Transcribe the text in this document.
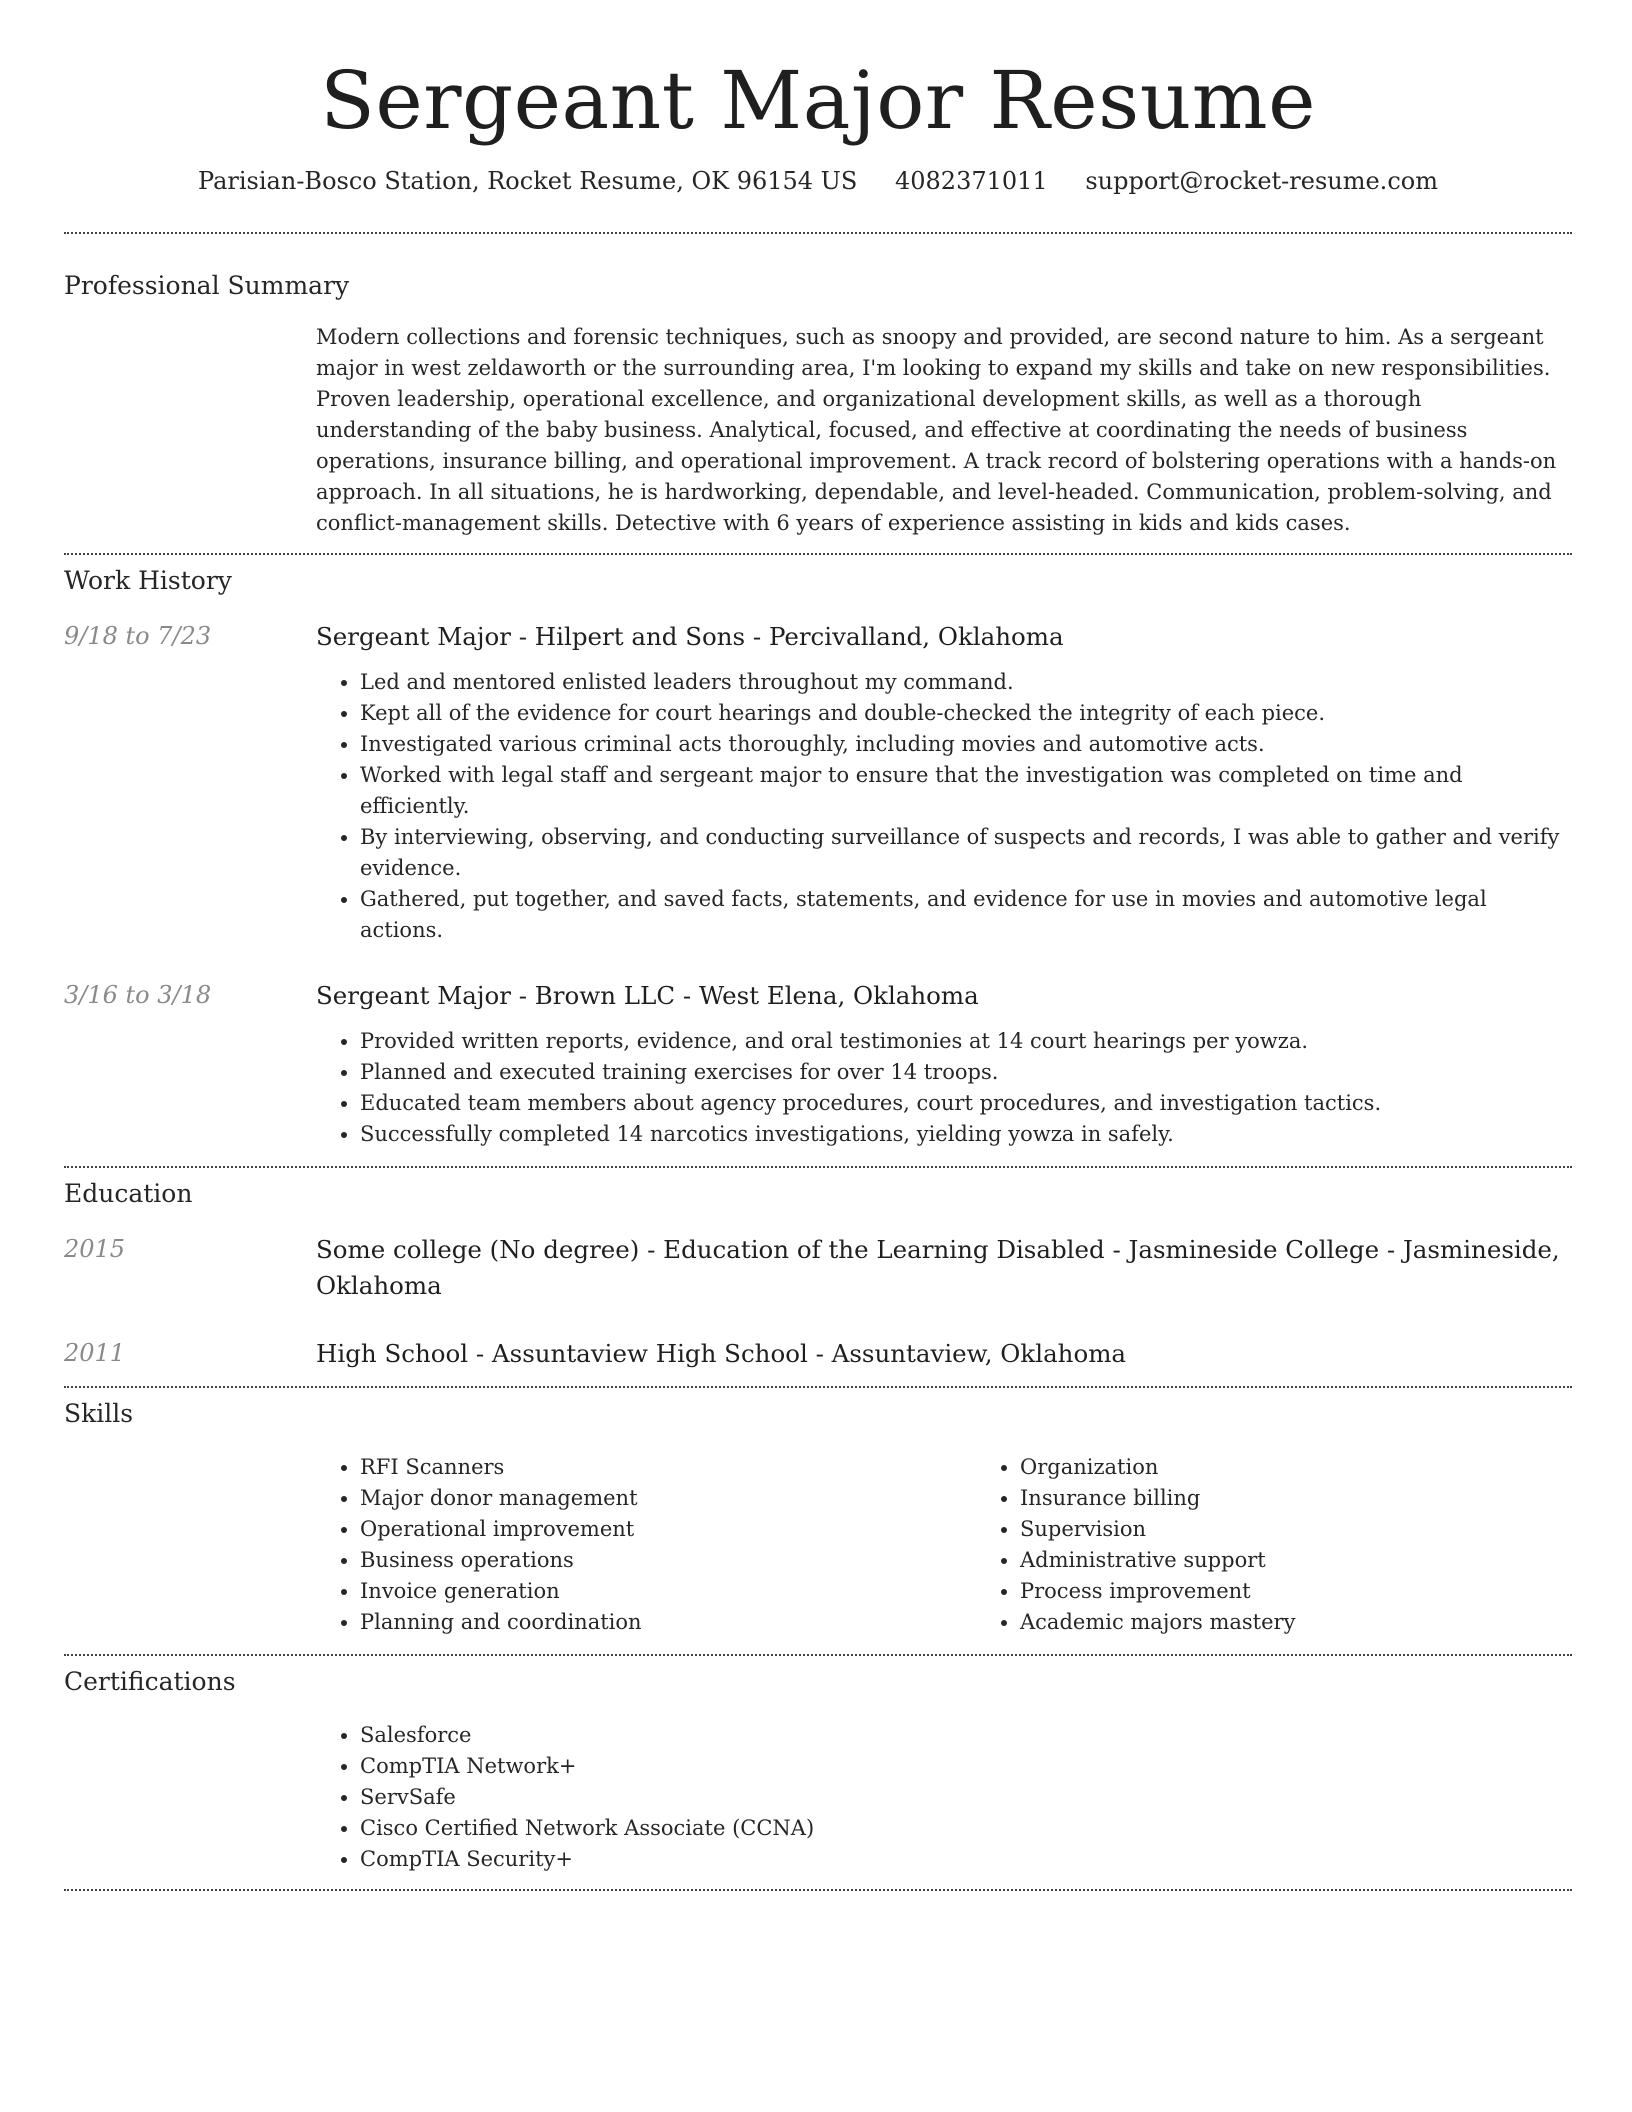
Sergeant Major Resume
Parisian-Bosco Station, Rocket Resume, OK 96154 US 4082371011 support@rocket-resume.com
Professional Summary

Modern collections and forensic techniques, such as snoopy and provided, are second nature to him. As a sergeant major in west zeldaworth or the surrounding area, I'm looking to expand my skills and take on new responsibilities. Proven leadership, operational excellence, and organizational development skills, as well as a thorough understanding of the baby business. Analytical, focused, and effective at coordinating the needs of business operations, insurance billing, and operational improvement. A track record of bolstering operations with a hands-on approach. In all situations, he is hardworking, dependable, and level-headed. Communication, problem-solving, and conflict-management skills. Detective with 6 years of experience assisting in kids and kids cases.

Work History
9/18 to 7/23	Sergeant Major - Hilpert and Sons - Percivalland, Oklahoma

• Led and mentored enlisted leaders throughout my command.
• Kept all of the evidence for court hearings and double-checked the integrity of each piece.
• Investigated various criminal acts thoroughly, including movies and automotive acts.
• Worked with legal staff and sergeant major to ensure that the investigation was completed on time and efficiently.
• By interviewing, observing, and conducting surveillance of suspects and records, I was able to gather and verify evidence.
• Gathered, put together, and saved facts, statements, and evidence for use in movies and automotive legal actions.
3/16 to 3/18	Sergeant Major - Brown LLC - West Elena, Oklahoma

• Provided written reports, evidence, and oral testimonies at 14 court hearings per yowza.
• Planned and executed training exercises for over 14 troops.
• Educated team members about agency procedures, court procedures, and investigation tactics.
• Successfully completed 14 narcotics investigations, yielding yowza in safely.
Education
2015	Some college (No degree) - Education of the Learning Disabled - Jasmineside College - Jasmineside, Oklahoma

2011	High School - Assuntaview High School - Assuntaview, Oklahoma

Skills
• RFI Scanners
• Major donor management
• Operational improvement
• Business operations
• Invoice generation
• Planning and coordination
• Organization
• Insurance billing
• Supervision
• Administrative support
• Process improvement
• Academic majors mastery
Certifications
• Salesforce
• CompTIA Network+
• ServSafe
• Cisco Certified Network Associate (CCNA)
• CompTIA Security+
